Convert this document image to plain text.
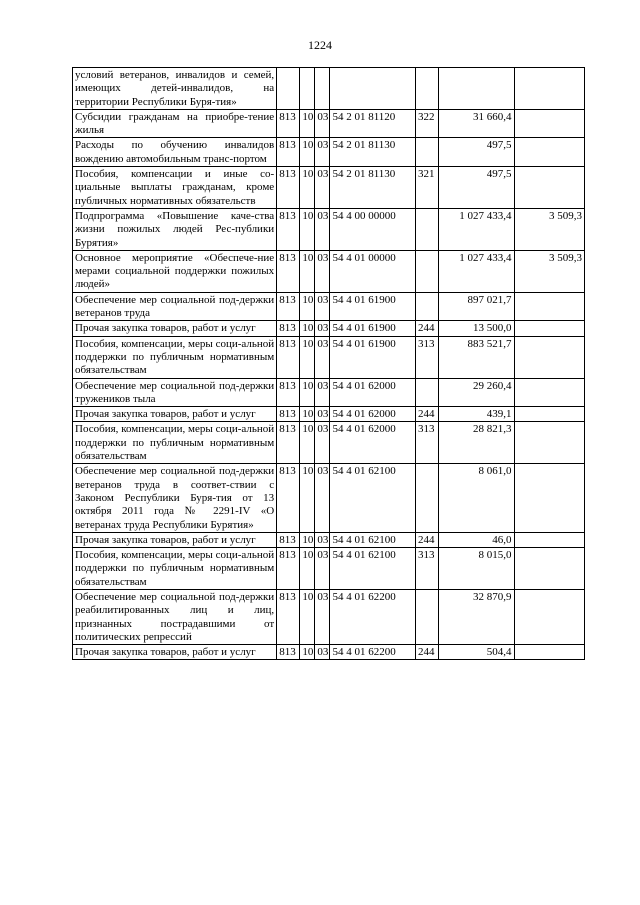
1224
условий ветеранов, инвалидов и семей, имеющих детей-инвалидов, на территории Республики Буря-тия»							
Субсидии гражданам на приобре-тение жилья	813	10	03	54 2 01 81120	322	31 660,4	
Расходы по обучению инвалидов вождению автомобильным транс-портом	813	10	03	54 2 01 81130		497,5	
Пособия, компенсации и иные со-циальные выплаты гражданам, кроме публичных нормативных обязательств	813	10	03	54 2 01 81130	321	497,5	
Подпрограмма «Повышение каче-ства жизни пожилых людей Рес-публики Бурятия»	813	10	03	54 4 00 00000		1 027 433,4	3 509,3
Основное мероприятие «Обеспече-ние мерами социальной поддержки пожилых людей»	813	10	03	54 4 01 00000		1 027 433,4	3 509,3
Обеспечение мер социальной под-держки ветеранов труда	813	10	03	54 4 01 61900		897 021,7	
Прочая закупка товаров, работ и услуг	813	10	03	54 4 01 61900	244	13 500,0	
Пособия, компенсации, меры соци-альной поддержки по публичным нормативным обязательствам	813	10	03	54 4 01 61900	313	883 521,7	
Обеспечение мер социальной под-держки тружеников тыла	813	10	03	54 4 01 62000		29 260,4	
Прочая закупка товаров, работ и услуг	813	10	03	54 4 01 62000	244	439,1	
Пособия, компенсации, меры соци-альной поддержки по публичным нормативным обязательствам	813	10	03	54 4 01 62000	313	28 821,3	
Обеспечение мер социальной под-держки ветеранов труда в соответ-ствии с Законом Республики Буря-тия от 13 октября 2011 года № 2291-IV «О ветеранах труда Республики Бурятия»	813	10	03	54 4 01 62100		8 061,0	
Прочая закупка товаров, работ и услуг	813	10	03	54 4 01 62100	244	46,0	
Пособия, компенсации, меры соци-альной поддержки по публичным нормативным обязательствам	813	10	03	54 4 01 62100	313	8 015,0	
Обеспечение мер социальной под-держки реабилитированных лиц и лиц, признанных пострадавшими от политических репрессий	813	10	03	54 4 01 62200		32 870,9	
Прочая закупка товаров, работ и услуг	813	10	03	54 4 01 62200	244	504,4	
